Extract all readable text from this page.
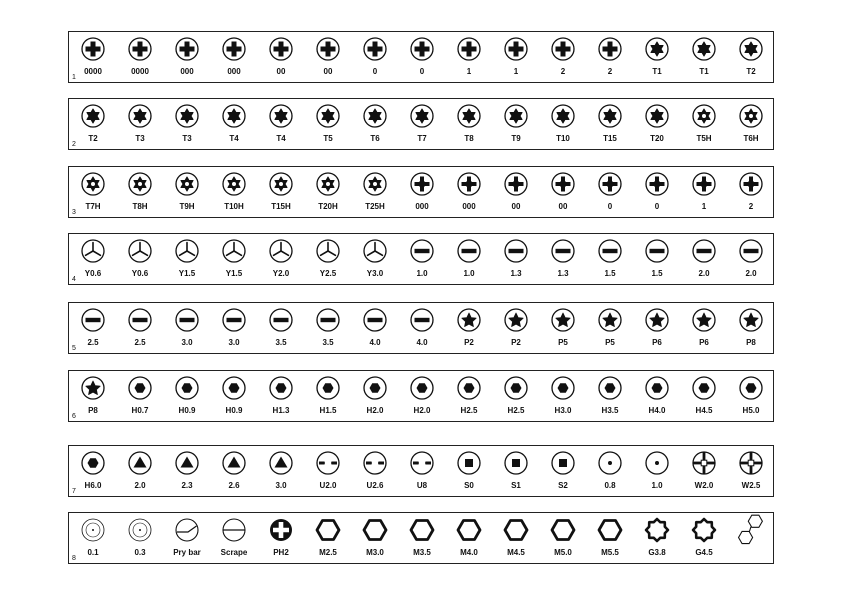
1
0000	0000	000	000	00	00	0	0	1	1	2	2	T1	T1	T2
2
T2	T3	T3	T4	T4	T5	T6	T7	T8	T9	T10	T15	T20	T5H	T6H
3
T7H	T8H	T9H	T10H	T15H	T20H	T25H	000	000	00	00	0	0	1	2
4
Y0.6	Y0.6	Y1.5	Y1.5	Y2.0	Y2.5	Y3.0	1.0	1.0	1.3	1.3	1.5	1.5	2.0	2.0
5
2.5	2.5	3.0	3.0	3.5	3.5	4.0	4.0	P2	P2	P5	P5	P6	P6	P8
6
P8	H0.7	H0.9	H0.9	H1.3	H1.5	H2.0	H2.0	H2.5	H2.5	H3.0	H3.5	H4.0	H4.5	H5.0
7
H6.0	2.0	2.3	2.6	3.0	U2.0	U2.6	U8	S0	S1	S2	0.8	1.0	W2.0	W2.5
8
0.1	0.3	Pry bar	Scrape	PH2	M2.5	M3.0	M3.5	M4.0	M4.5	M5.0	M5.5	G3.8	G4.5
